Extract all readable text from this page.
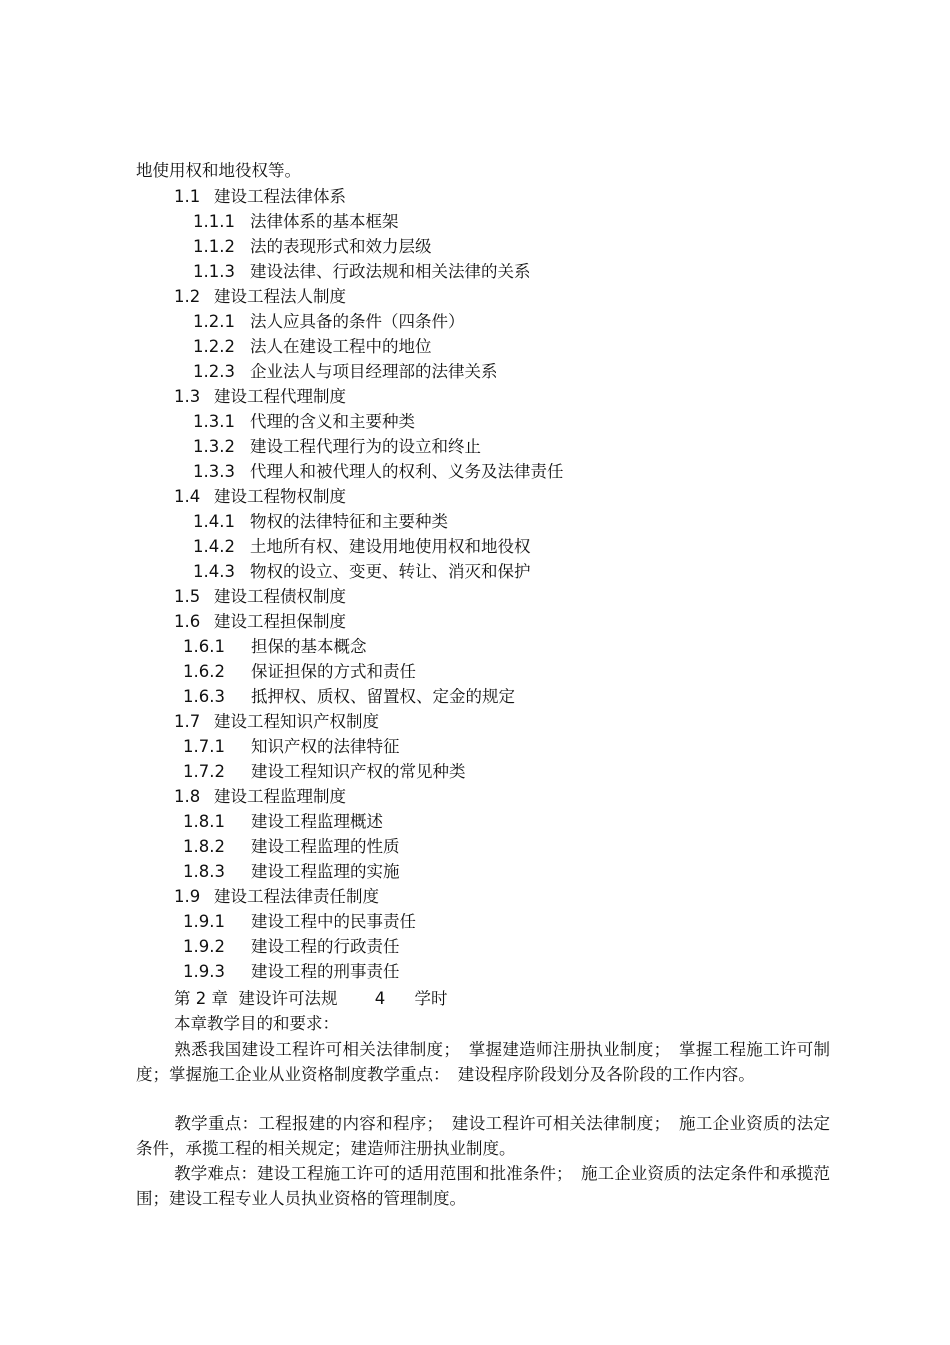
地使用权和地役权等。
1.1 建设工程法律体系
1.1.1 法律体系的基本框架
1.1.2 法的表现形式和效力层级
1.1.3 建设法律、行政法规和相关法律的关系
1.2 建设工程法人制度
1.2.1 法人应具备的条件（四条件）
1.2.2 法人在建设工程中的地位
1.2.3 企业法人与项目经理部的法律关系
1.3 建设工程代理制度
1.3.1 代理的含义和主要种类
1.3.2 建设工程代理行为的设立和终止
1.3.3 代理人和被代理人的权利、义务及法律责任
1.4 建设工程物权制度
1.4.1 物权的法律特征和主要种类
1.4.2 土地所有权、建设用地使用权和地役权
1.4.3 物权的设立、变更、转让、消灭和保护
1.5 建设工程债权制度
1.6 建设工程担保制度
1.6.1 担保的基本概念
1.6.2 保证担保的方式和责任
1.6.3 抵押权、质权、留置权、定金的规定
1.7 建设工程知识产权制度
1.7.1 知识产权的法律特征
1.7.2 建设工程知识产权的常见种类
1.8 建设工程监理制度
1.8.1 建设工程监理概述
1.8.2 建设工程监理的性质
1.8.3 建设工程监理的实施
1.9 建设工程法律责任制度
1.9.1 建设工程中的民事责任
1.9.2 建设工程的行政责任
1.9.3 建设工程的刑事责任
第 2 章 建设许可法规 4 学时
本章教学目的和要求：
熟悉我国建设工程许可相关法律制度；　掌握建造师注册执业制度；　掌握工程施工许可制度；掌握施工企业从业资格制度教学重点：　建设程序阶段划分及各阶段的工作内容。
教学重点：工程报建的内容和程序；　建设工程许可相关法律制度；　施工企业资质的法定条件，承揽工程的相关规定；建造师注册执业制度。
教学难点：建设工程施工许可的适用范围和批准条件；　施工企业资质的法定条件和承揽范围；建设工程专业人员执业资格的管理制度。
